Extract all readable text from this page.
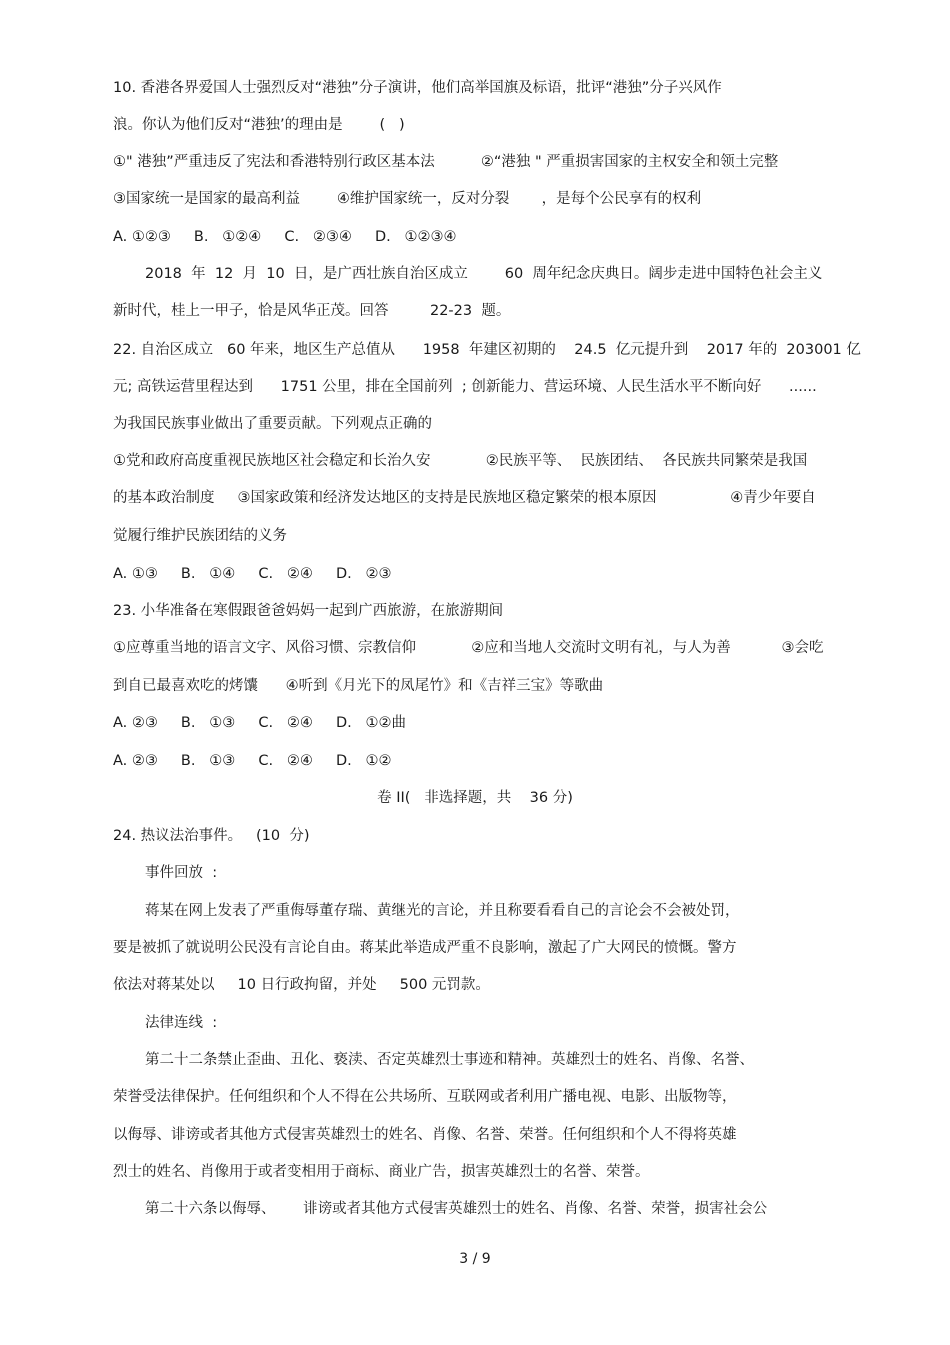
10. 香港各界爱国人士强烈反对“港独”分子演讲，他们高举国旗及标语，批评“港独”分子兴风作
浪。你认为他们反对“港独’的理由是        (   )
①" 港独”严重违反了宪法和香港特别行政区基本法          ②“港独 " 严重损害国家的主权安全和领土完整
③国家统一是国家的最高利益        ④维护国家统一，反对分裂       ，是每个公民享有的权利
A. ①②③     B.   ①②④     C.   ②③④     D.   ①②③④
2018  年  12  月  10  日，是广西壮族自治区成立        60  周年纪念庆典日。阔步走进中国特色社会主义
新时代，桂上一甲子，恰是风华正茂。回答         22-23  题。
22. 自治区成立   60 年来，地区生产总值从      1958  年建区初期的    24.5  亿元提升到    2017 年的  203001 亿
元; 高铁运营里程达到      1751 公里，排在全国前列  ; 创新能力、营运环境、人民生活水平不断向好      ......
为我国民族事业做出了重要贡献。下列观点正确的
①党和政府高度重视民族地区社会稳定和长治久安            ②民族平等、  民族团结、  各民族共同繁荣是我国
的基本政治制度     ③国家政策和经济发达地区的支持是民族地区稳定繁荣的根本原因                ④青少年要自
觉履行维护民族团结的义务
A. ①③     B.   ①④     C.   ②④     D.   ②③
23. 小华准备在寒假跟爸爸妈妈一起到广西旅游，在旅游期间
①应尊重当地的语言文字、风俗习惯、宗教信仰            ②应和当地人交流时文明有礼，与人为善           ③会吃
到自已最喜欢吃的烤馕      ④听到《月光下的凤尾竹》和《吉祥三宝》等歌曲
A. ②③     B.   ①③     C.   ②④     D.   ①②曲
A. ②③     B.   ①③     C.   ②④     D.   ①②
卷 II(   非选择题，共    36 分)
24. 热议法治事件。   (10  分)
事件回放  :
蒋某在网上发表了严重侮辱董存瑞、黄继光的言论，并且称要看看自己的言论会不会被处罚，
要是被抓了就说明公民没有言论自由。蒋某此举造成严重不良影响，激起了广大网民的愤慨。警方
依法对蒋某处以     10 日行政拘留，并处     500 元罚款。
法律连线  :
第二十二条禁止歪曲、丑化、亵渎、否定英雄烈士事迹和精神。英雄烈士的姓名、肖像、名誉、
荣誉受法律保护。任何组织和个人不得在公共场所、互联网或者利用广播电视、电影、出版物等，
以侮辱、诽谤或者其他方式侵害英雄烈士的姓名、肖像、名誉、荣誉。任何组织和个人不得将英雄
烈士的姓名、肖像用于或者变相用于商标、商业广告，损害英雄烈士的名誉、荣誉。
第二十六条以侮辱、      诽谤或者其他方式侵害英雄烈士的姓名、肖像、名誉、荣誉，损害社会公
3 / 9
